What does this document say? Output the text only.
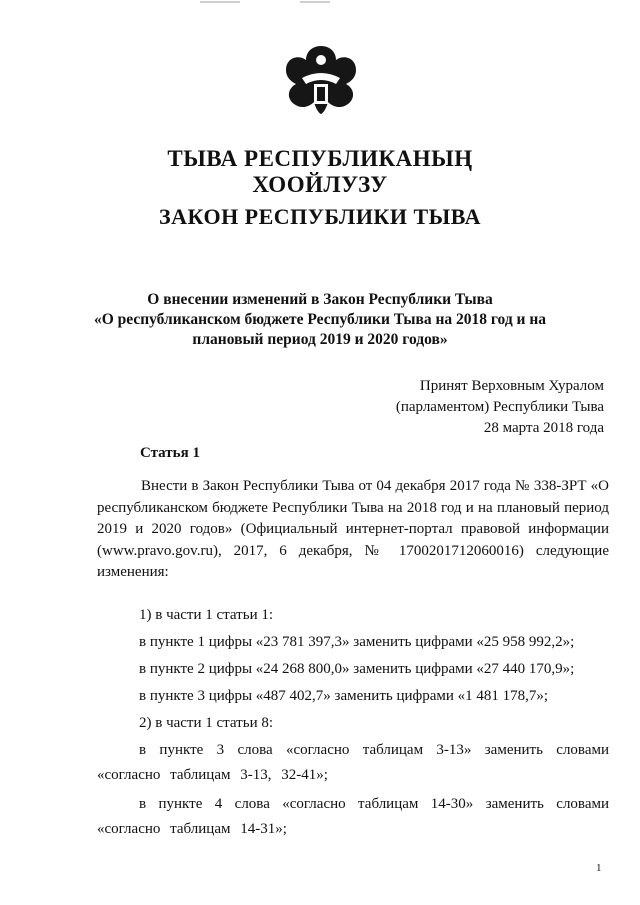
ТЫВА РЕСПУБЛИКАНЫҢ
ХООЙЛУЗУ
ЗАКОН РЕСПУБЛИКИ ТЫВА
О внесении изменений в Закон Республики Тыва
«О республиканском бюджете Республики Тыва на 2018 год и на
плановый период 2019 и 2020 годов»
Принят Верховным Хуралом
(парламентом) Республики Тыва
28 марта 2018 года
Статья 1
Внести в Закон Республики Тыва от 04 декабря 2017 года № 338-ЗРТ «О республиканском бюджете Республики Тыва на 2018 год и на плановый период 2019 и 2020 годов» (Официальный интернет-портал правовой информации (www.pravo.gov.ru), 2017, 6 декабря, № 1700201712060016) следующие изменения:
1) в части 1 статьи 1:
в пункте 1 цифры «23 781 397,3» заменить цифрами «25 958 992,2»;
в пункте 2 цифры «24 268 800,0» заменить цифрами «27 440 170,9»;
в пункте 3 цифры «487 402,7» заменить цифрами «1 481 178,7»;
2) в части 1 статьи 8:
в пункте 3 слова «согласно таблицам 3-13» заменить словами «согласно таблицам 3-13, 32-41»;
в пункте 4 слова «согласно таблицам 14-30» заменить словами «согласно таблицам 14-31»;
1
